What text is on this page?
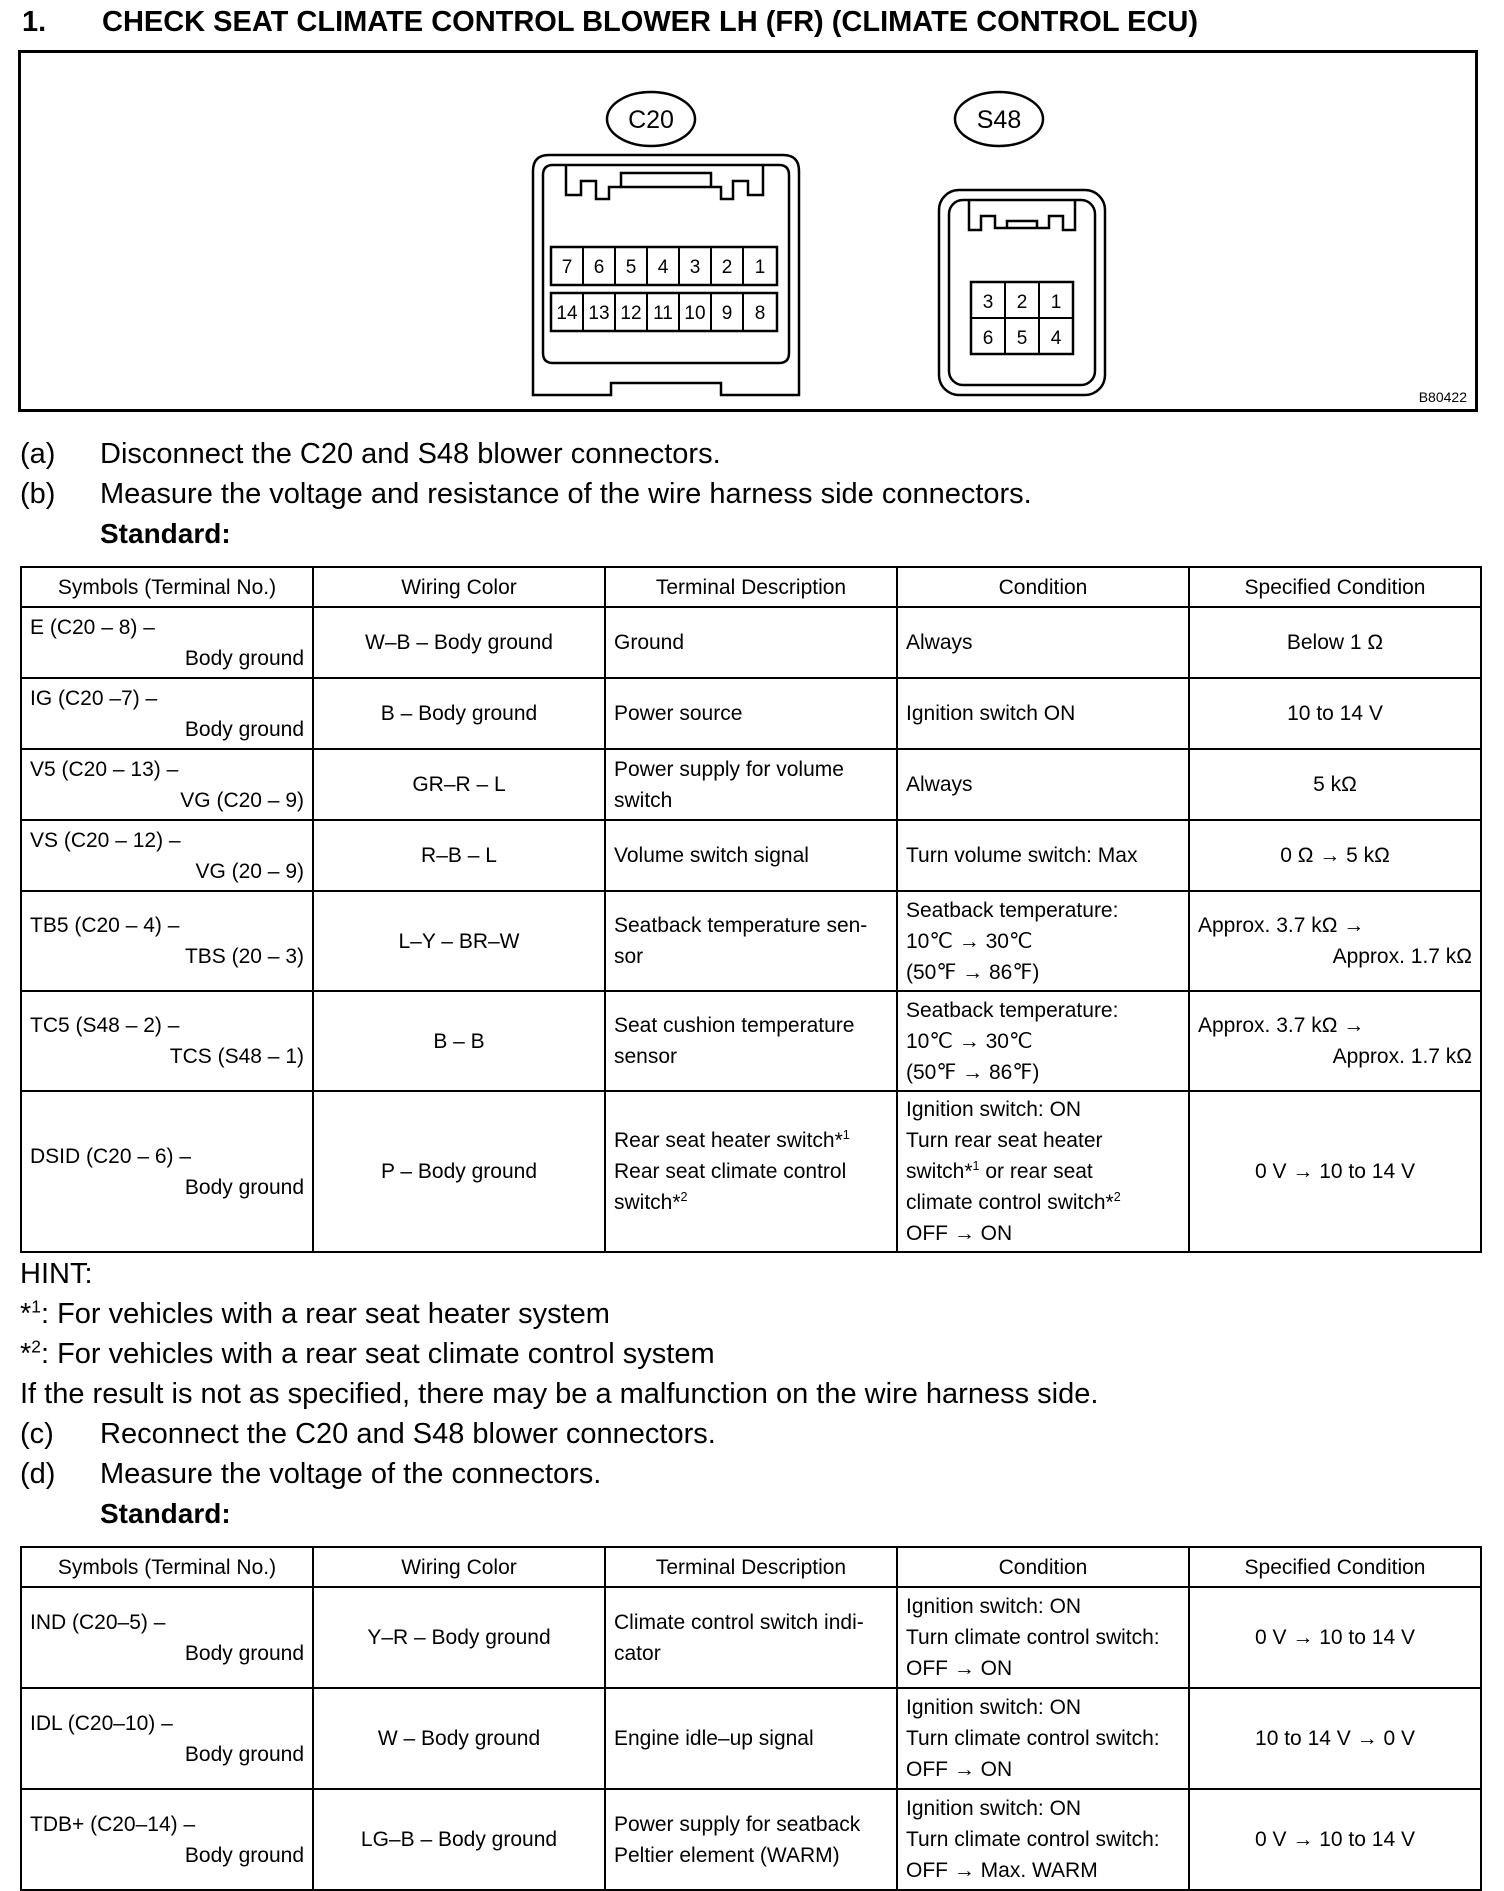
1. CHECK SEAT CLIMATE CONTROL BLOWER LH (FR) (CLIMATE CONTROL ECU)
C20	S48
7 6 5 4 3 2 1
14 13 12 11 10 9 8
3 2 1
6 5 4
B80422
(a) Disconnect the C20 and S48 blower connectors.
(b) Measure the voltage and resistance of the wire harness side connectors.
Standard:
Symbols (Terminal No.)	Wiring Color	Terminal Description	Condition	Specified Condition
E (C20 – 8) –
Body ground	W–B – Body ground	Ground	Always	Below 1 Ω
IG (C20 –7) –
Body ground	B – Body ground	Power source	Ignition switch ON	10 to 14 V
V5 (C20 – 13) –
VG (C20 – 9)	GR–R – L	Power supply for volume
switch	Always	5 kΩ
VS (C20 – 12) –
VG (20 – 9)	R–B – L	Volume switch signal	Turn volume switch: Max	0 Ω → 5 kΩ
TB5 (C20 – 4) –
TBS (20 – 3)	L–Y – BR–W	Seatback temperature sen-
sor	Seatback temperature:
10℃ → 30℃
(50℉ → 86℉)	Approx. 3.7 kΩ →
Approx. 1.7 kΩ

TC5 (S48 – 2) –
TCS (S48 – 1)	B – B	Seat cushion temperature
sensor	Seatback temperature:
10℃ → 30℃
(50℉ → 86℉)	Approx. 3.7 kΩ →
Approx. 1.7 kΩ

DSID (C20 – 6) –
Body ground	P – Body ground	Rear seat heater switch*$^1$
Rear seat climate control
switch*$^2$	Ignition switch: ON
Turn rear seat heater
switch*$^1$ or rear seat
climate control switch*$^2$
OFF → ON	0 V → 10 to 14 V
HINT:
*$^1$: For vehicles with a rear seat heater system
*$^2$: For vehicles with a rear seat climate control system
If the result is not as specified, there may be a malfunction on the wire harness side.
(c) Reconnect the C20 and S48 blower connectors.
(d) Measure the voltage of the connectors.
Standard:
Symbols (Terminal No.)	Wiring Color	Terminal Description	Condition	Specified Condition
IND (C20–5) –
Body ground	Y–R – Body ground	Climate control switch indi-
cator	Ignition switch: ON
Turn climate control switch:
OFF → ON	0 V → 10 to 14 V
IDL (C20–10) –
Body ground	W – Body ground	Engine idle–up signal	Ignition switch: ON
Turn climate control switch:
OFF → ON	10 to 14 V → 0 V
TDB+ (C20–14) –
Body ground	LG–B – Body ground	Power supply for seatback
Peltier element (WARM)	Ignition switch: ON
Turn climate control switch:
OFF → Max. WARM	0 V → 10 to 14 V
